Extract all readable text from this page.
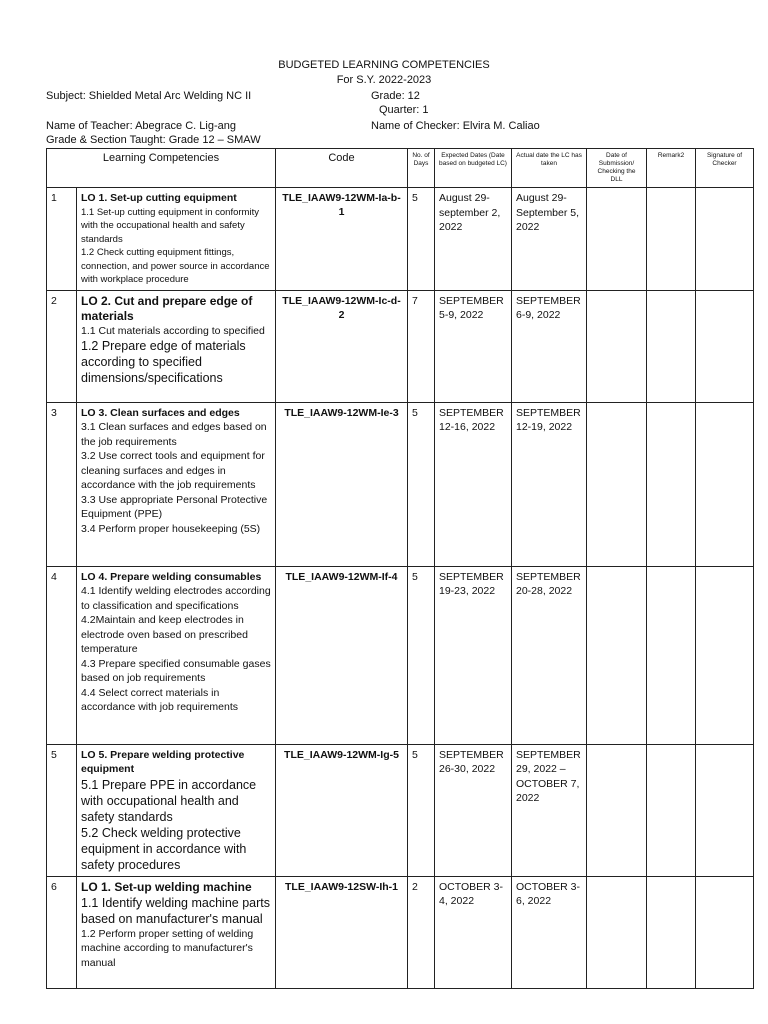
BUDGETED LEARNING COMPETENCIES
For S.Y. 2022-2023
Subject: Shielded Metal Arc Welding NC II	Grade: 12
Quarter: 1
Name of Teacher: Abegrace C. Lig-ang	Name of Checker: Elvira M. Caliao
Grade & Section Taught: Grade 12 – SMAW
Learning Competencies		Code	No. of Days	Expected Dates (Date based on budgeted LC)	Actual date the LC has taken	Date of Submission/ Checking the DLL	Remark2	Signature of Checker
1	LO 1. Set-up cutting equipment
1.1 Set-up cutting equipment in conformity with the occupational health and safety standards
1.2 Check cutting equipment fittings, connection, and power source in accordance with workplace procedure	TLE_IAAW9-12WM-Ia-b-1	5	August 29- september 2, 2022	August 29- September 5, 2022			
2	LO 2. Cut and prepare edge of materials
1.1 Cut materials according to specified
1.2 Prepare edge of materials according to specified dimensions/specifications	TLE_IAAW9-12WM-Ic-d-2	7	SEPTEMBER 5-9, 2022	SEPTEMBER 6-9, 2022			
3	LO 3. Clean surfaces and edges
3.1 Clean surfaces and edges based on the job requirements
3.2 Use correct tools and equipment for cleaning surfaces and edges in accordance with the job requirements
3.3 Use appropriate Personal Protective Equipment (PPE)
3.4 Perform proper housekeeping (5S)	TLE_IAAW9-12WM-Ie-3	5	SEPTEMBER 12-16, 2022	SEPTEMBER 12-19, 2022			
4	LO 4. Prepare welding consumables
4.1 Identify welding electrodes according to classification and specifications
4.2Maintain and keep electrodes in electrode oven based on prescribed temperature
4.3 Prepare specified consumable gases based on job requirements
4.4 Select correct materials in accordance with job requirements	TLE_IAAW9-12WM-If-4	5	SEPTEMBER 19-23, 2022	SEPTEMBER 20-28, 2022			
5	LO 5. Prepare welding protective equipment
5.1 Prepare PPE in accordance with occupational health and safety standards
5.2 Check welding protective equipment in accordance with safety procedures	TLE_IAAW9-12WM-Ig-5	5	SEPTEMBER 26-30, 2022	SEPTEMBER 29, 2022 – OCTOBER 7, 2022			
6	LO 1. Set-up welding machine
1.1 Identify welding machine parts based on manufacturer's manual
1.2 Perform proper setting of welding machine according to manufacturer's manual	TLE_IAAW9-12SW-Ih-1	2	OCTOBER 3-4, 2022	OCTOBER 3-6, 2022			
